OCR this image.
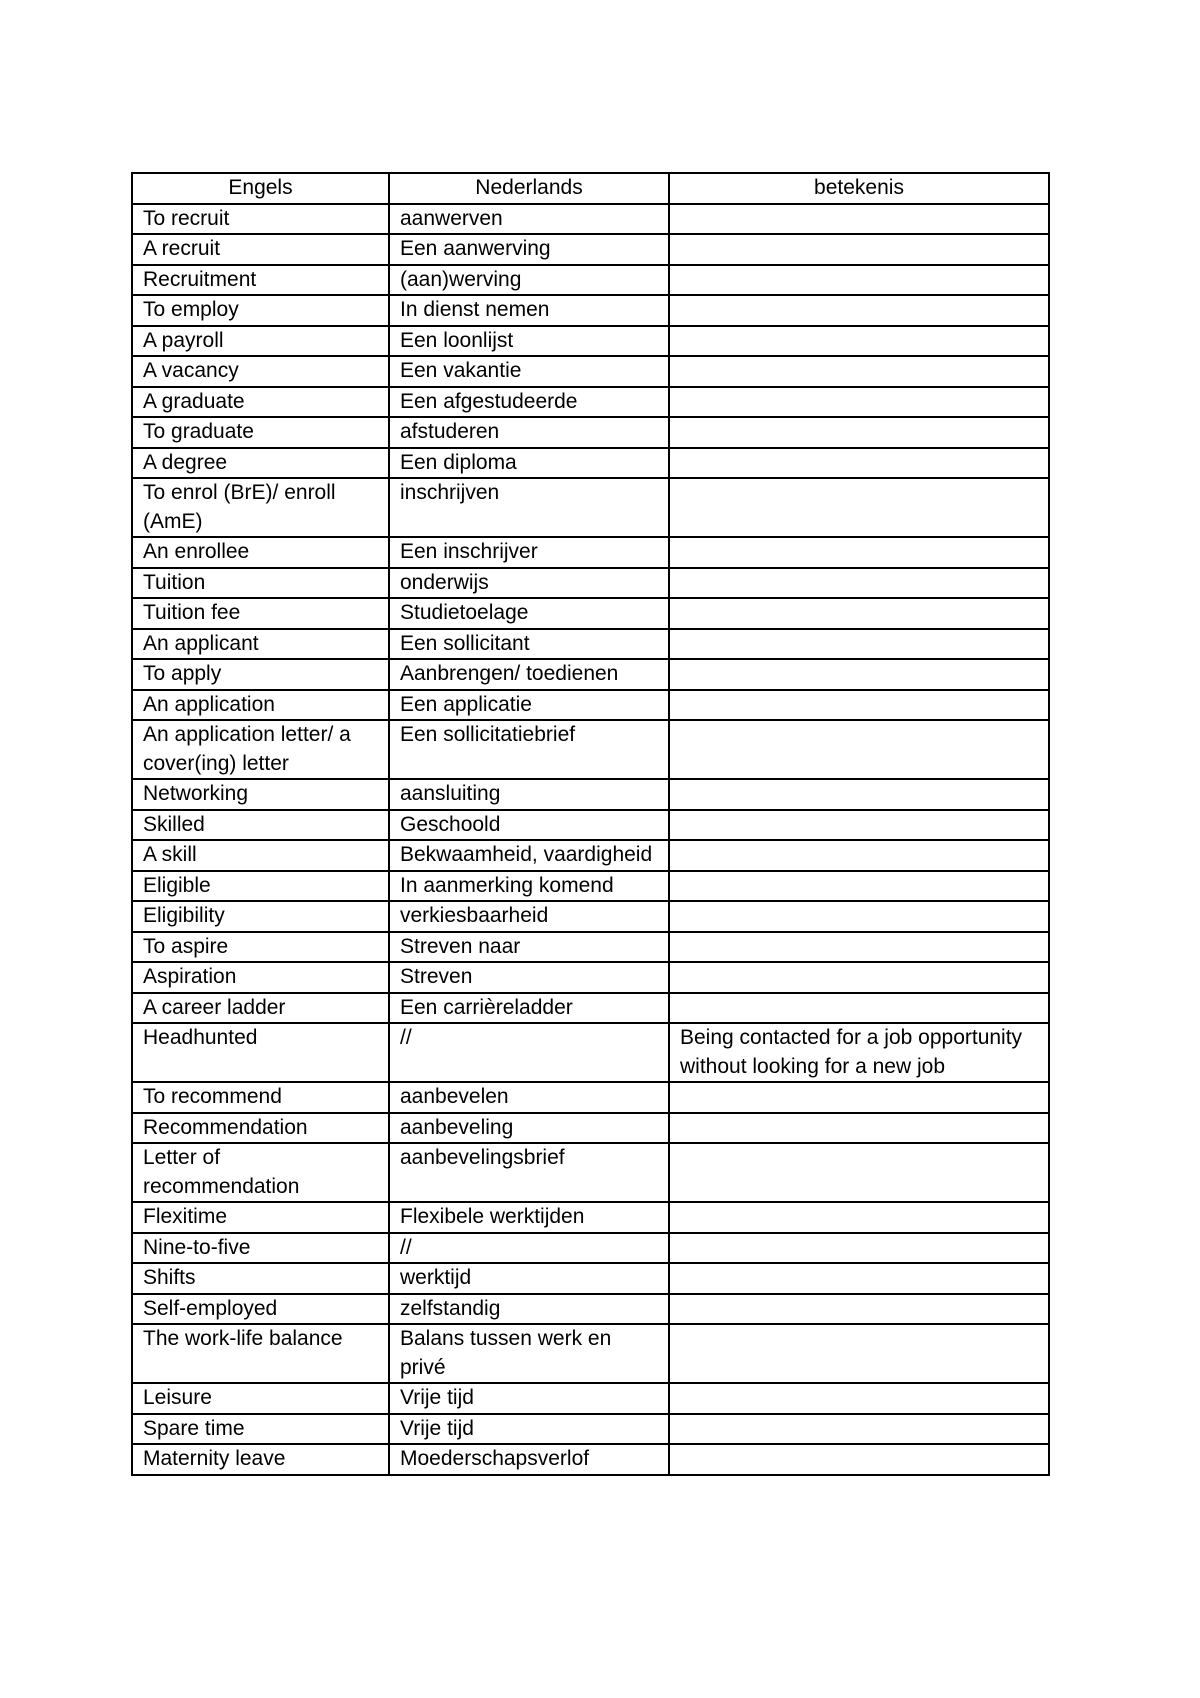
Engels	Nederlands	betekenis
To recruit	aanwerven	
A recruit	Een aanwerving	
Recruitment	(aan)werving	
To employ	In dienst nemen	
A payroll	Een loonlijst	
A vacancy	Een vakantie	
A graduate	Een afgestudeerde	
To graduate	afstuderen	
A degree	Een diploma	
To enrol (BrE)/ enroll (AmE)	inschrijven	
An enrollee	Een inschrijver	
Tuition	onderwijs	
Tuition fee	Studietoelage	
An applicant	Een sollicitant	
To apply	Aanbrengen/ toedienen	
An application	Een applicatie	
An application letter/ a cover(ing) letter	Een sollicitatiebrief	
Networking	aansluiting	
Skilled	Geschoold	
A skill	Bekwaamheid, vaardigheid	
Eligible	In aanmerking komend	
Eligibility	verkiesbaarheid	
To aspire	Streven naar	
Aspiration	Streven	
A career ladder	Een carrièreladder	
Headhunted	//	Being contacted for a job opportunity without looking for a new job
To recommend	aanbevelen	
Recommendation	aanbeveling	
Letter of recommendation	aanbevelingsbrief	
Flexitime	Flexibele werktijden	
Nine-to-five	//	
Shifts	werktijd	
Self-employed	zelfstandig	
The work-life balance	Balans tussen werk en privé	
Leisure	Vrije tijd	
Spare time	Vrije tijd	
Maternity leave	Moederschapsverlof	
